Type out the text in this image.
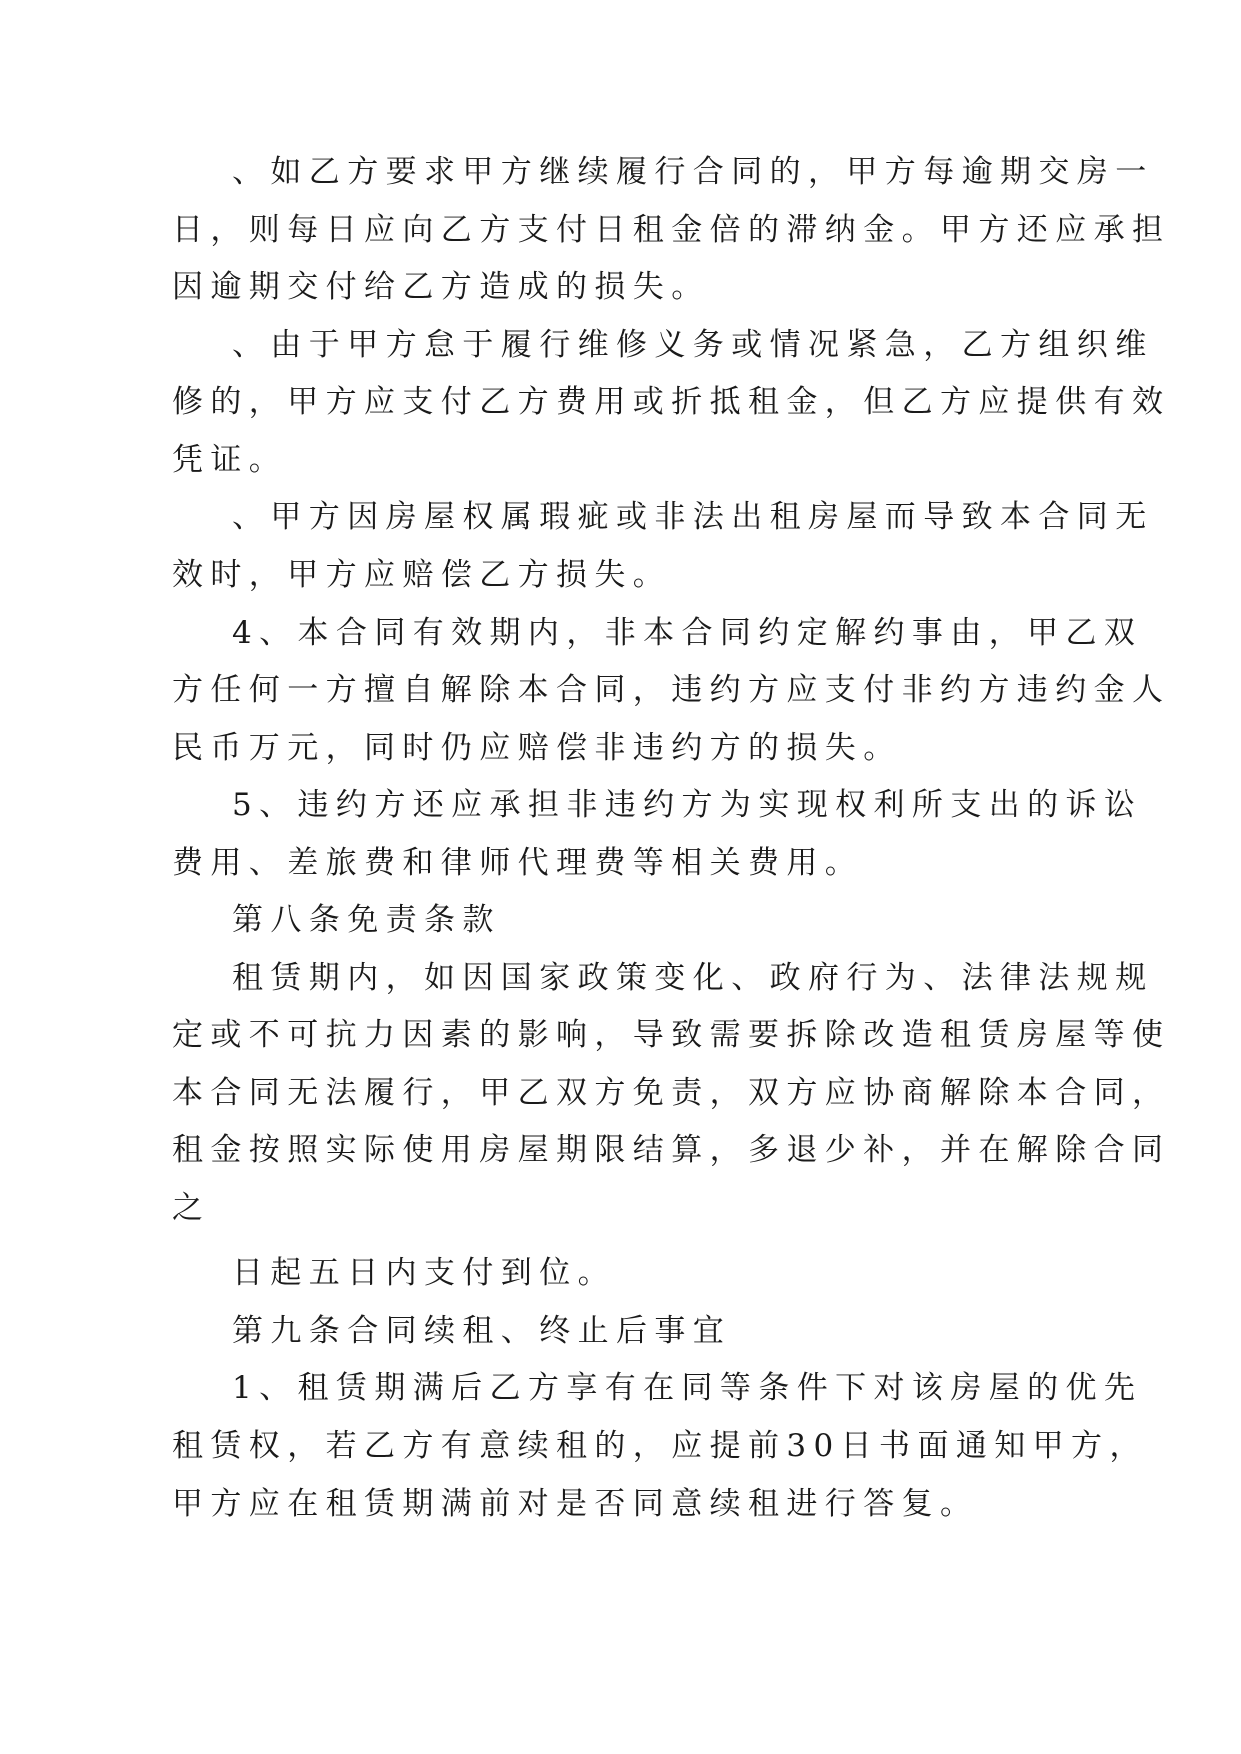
、如乙方要求甲方继续履行合同的，甲方每逾期交房一
日，则每日应向乙方支付日租金倍的滞纳金。甲方还应承担
因逾期交付给乙方造成的损失。
、由于甲方怠于履行维修义务或情况紧急，乙方组织维
修的，甲方应支付乙方费用或折抵租金，但乙方应提供有效
凭证。
、甲方因房屋权属瑕疵或非法出租房屋而导致本合同无
效时，甲方应赔偿乙方损失。
4、本合同有效期内，非本合同约定解约事由，甲乙双
方任何一方擅自解除本合同，违约方应支付非约方违约金人
民币万元，同时仍应赔偿非违约方的损失。
5、违约方还应承担非违约方为实现权利所支出的诉讼
费用、差旅费和律师代理费等相关费用。
第八条免责条款
租赁期内，如因国家政策变化、政府行为、法律法规规
定或不可抗力因素的影响，导致需要拆除改造租赁房屋等使
本合同无法履行，甲乙双方免责，双方应协商解除本合同，
租金按照实际使用房屋期限结算，多退少补，并在解除合同
之
日起五日内支付到位。
第九条合同续租、终止后事宜
1、租赁期满后乙方享有在同等条件下对该房屋的优先
租赁权，若乙方有意续租的，应提前30日书面通知甲方，
甲方应在租赁期满前对是否同意续租进行答复。
